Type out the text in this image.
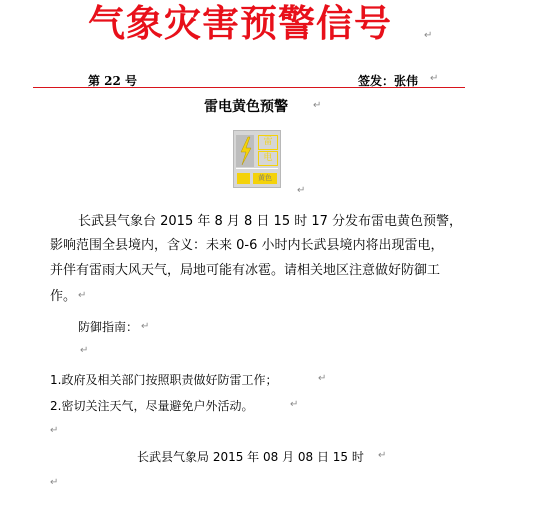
气象灾害预警信号	↵
第 22 号	签发：张伟 ↵
雷电黄色预警	↵
雷
电
黄色
↵
长武县气象台 2015 年 8 月 8 日 15 时 17 分发布雷电黄色预警，
影响范围全县境内，含义：未来 0-6 小时内长武县境内将出现雷电，
并伴有雷雨大风天气，局地可能有冰雹。请相关地区注意做好防御工
作。 ↵
防御指南： ↵
↵
1.政府及相关部门按照职责做好防雷工作；	↵
2.密切关注天气，尽量避免户外活动。	↵
↵
长武县气象局 2015 年 08 月 08 日 15 时 ↵
↵
